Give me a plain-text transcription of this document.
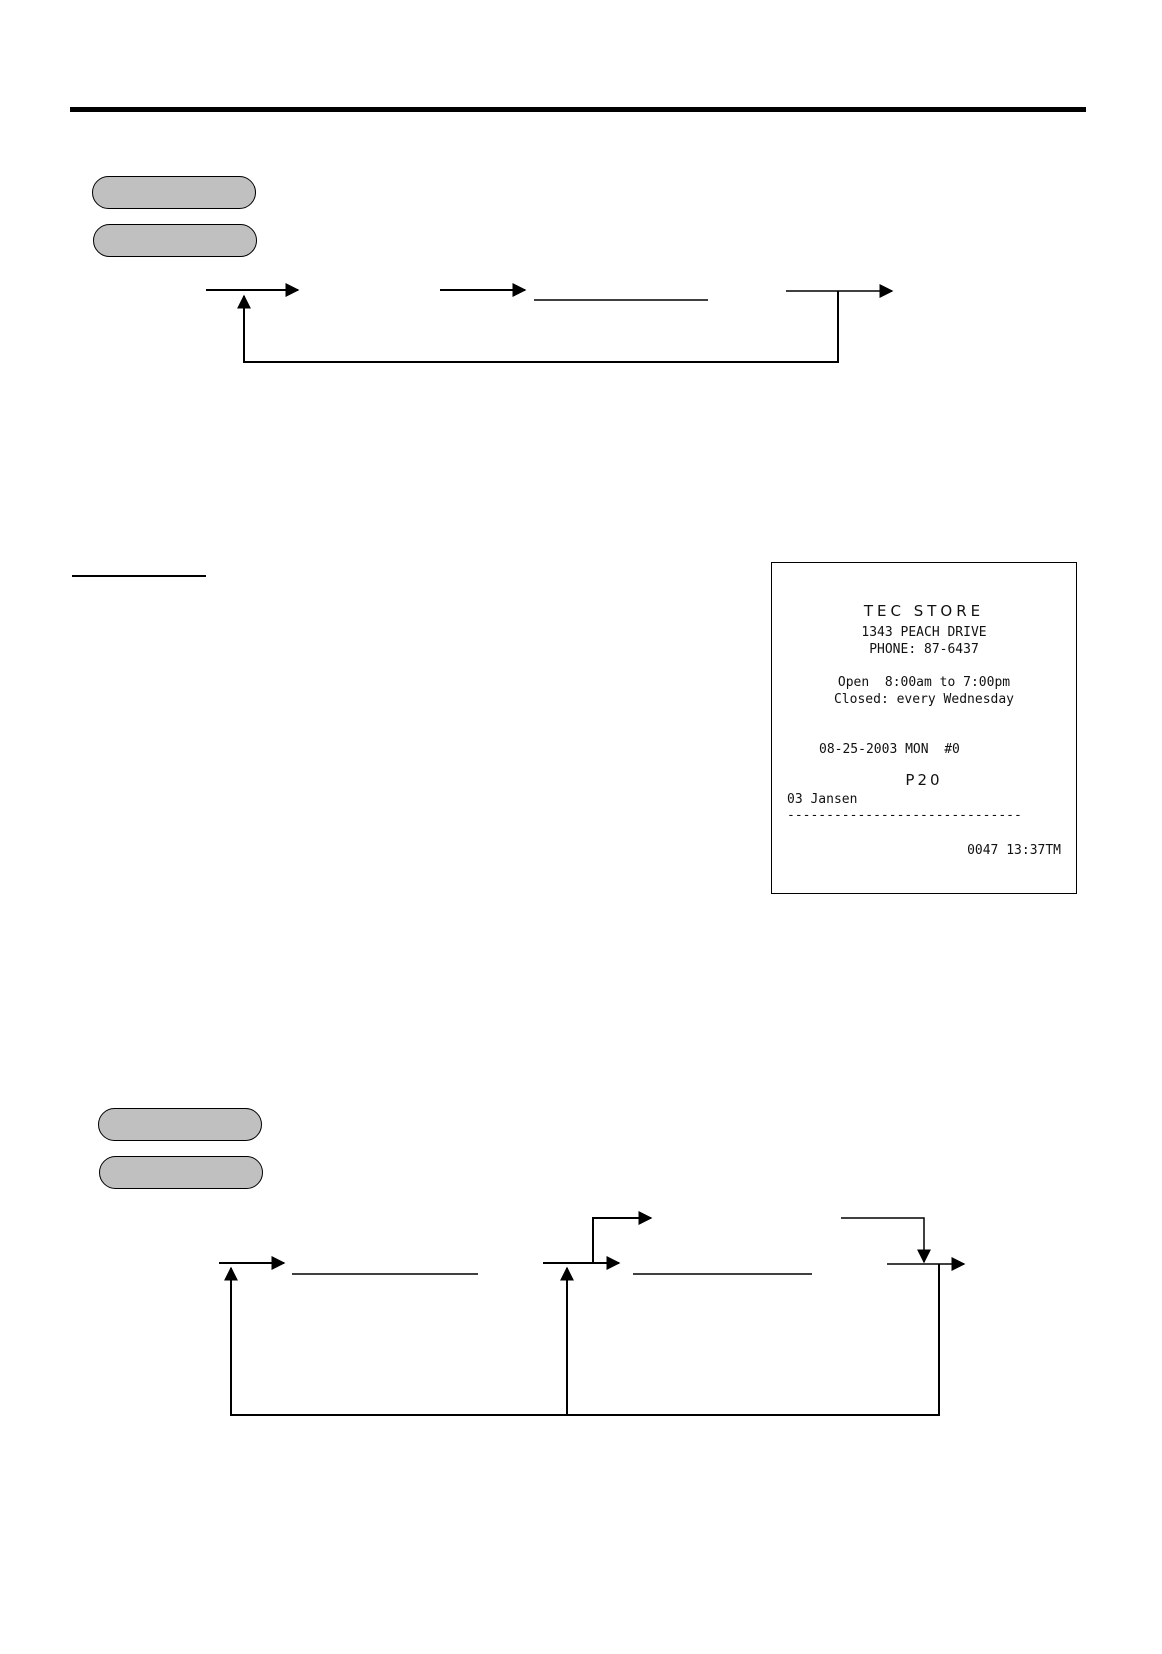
TEC STORE
1343 PEACH DRIVE
PHONE: 87-6437
Open  8:00am to 7:00pm
Closed: every Wednesday
08-25-2003 MON  #0
P20
03 Jansen
------------------------------
0047 13:37TM
